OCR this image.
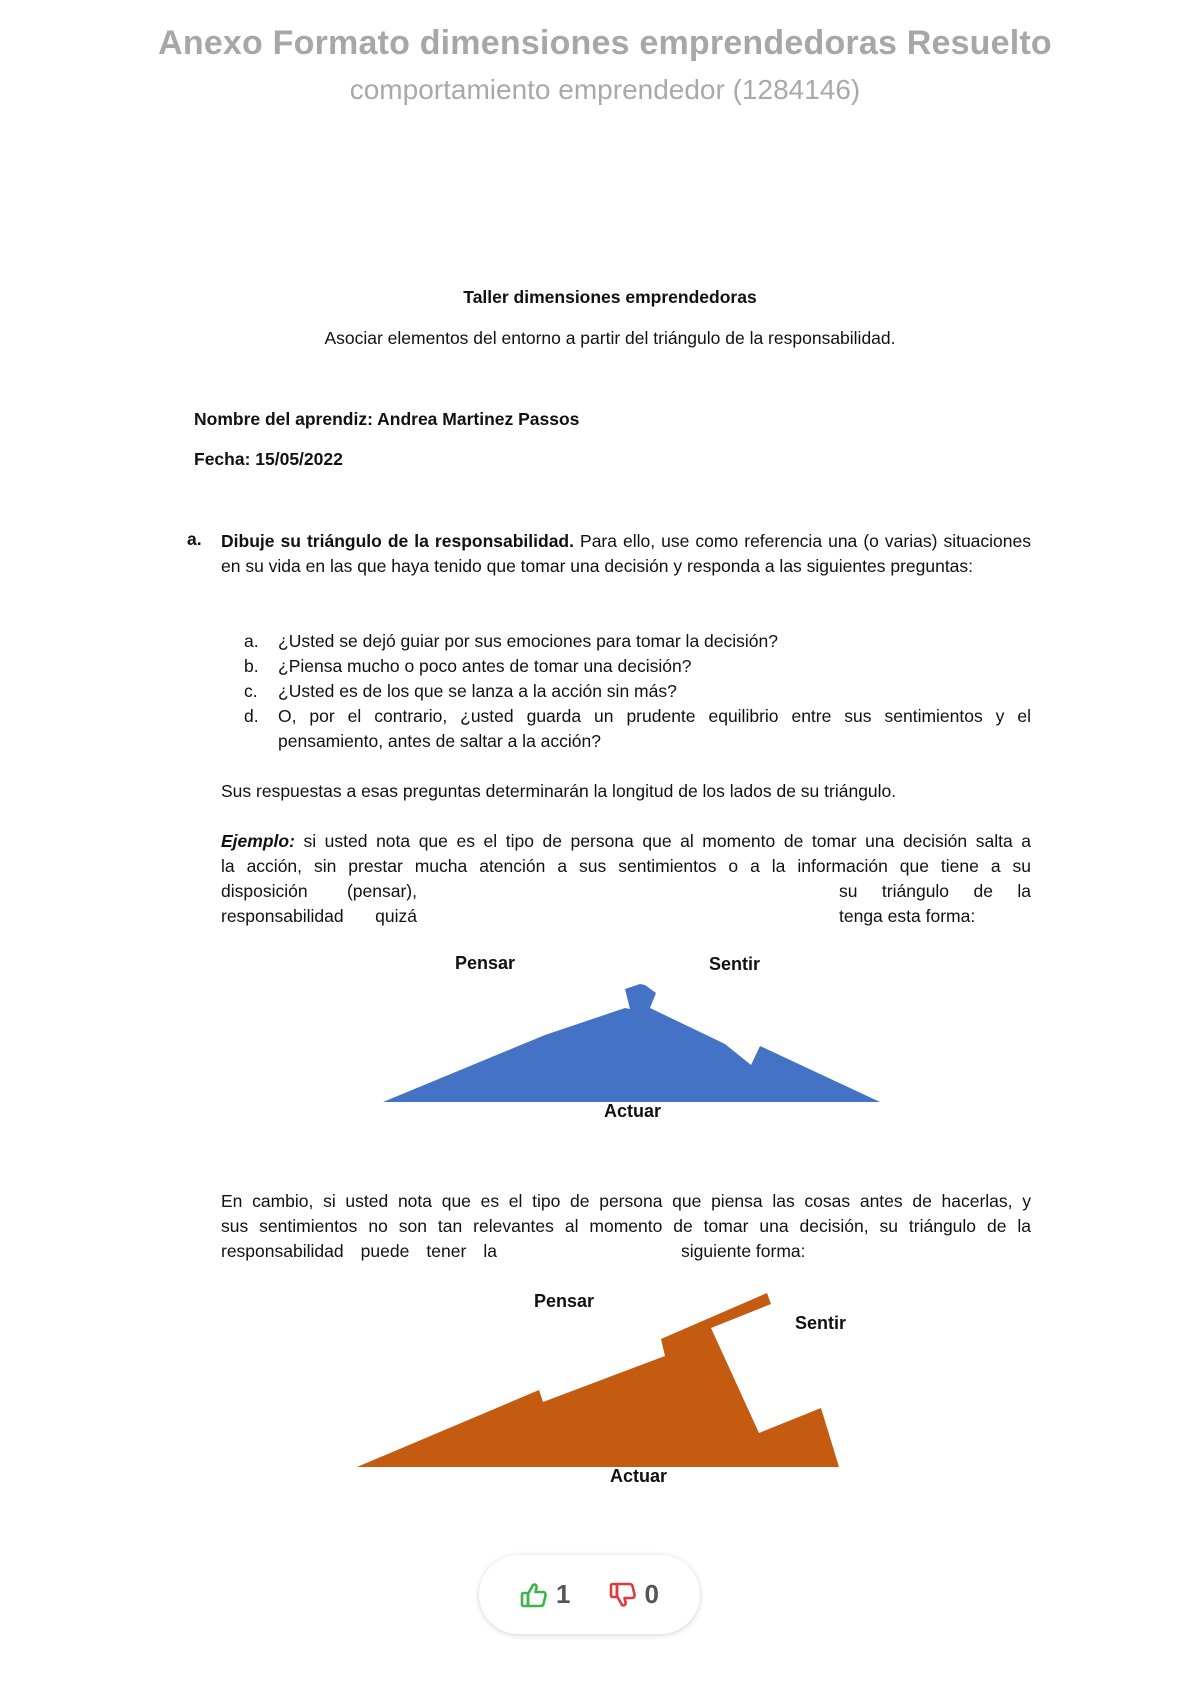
Anexo Formato dimensiones emprendedoras Resuelto
comportamiento emprendedor (1284146)
Taller dimensiones emprendedoras
Asociar elementos del entorno a partir del triángulo de la responsabilidad.
Nombre del aprendiz: Andrea Martinez Passos
Fecha: 15/05/2022
a. Dibuje su triángulo de la responsabilidad. Para ello, use como referencia una (o varias) situaciones en su vida en las que haya tenido que tomar una decisión y responda a las siguientes preguntas:
a. ¿Usted se dejó guiar por sus emociones para tomar la decisión?
b. ¿Piensa mucho o poco antes de tomar una decisión?
c. ¿Usted es de los que se lanza a la acción sin más?
d. O, por el contrario, ¿usted guarda un prudente equilibrio entre sus sentimientos y el pensamiento, antes de saltar a la acción?
Sus respuestas a esas preguntas determinarán la longitud de los lados de su triángulo.
Ejemplo: si usted nota que es el tipo de persona que al momento de tomar una decisión salta a
la acción, sin prestar mucha atención a sus sentimientos o a la información que tiene a su
disposición (pensar),	su triángulo de la
responsabilidad quizá	tenga esta forma:
Pensar	Sentir
Actuar
En cambio, si usted nota que es el tipo de persona que piensa las cosas antes de hacerlas, y
sus sentimientos no son tan relevantes al momento de tomar una decisión, su triángulo de la
responsabilidad puede tener la	siguiente forma:
Pensar
Sentir
Actuar
1	0
